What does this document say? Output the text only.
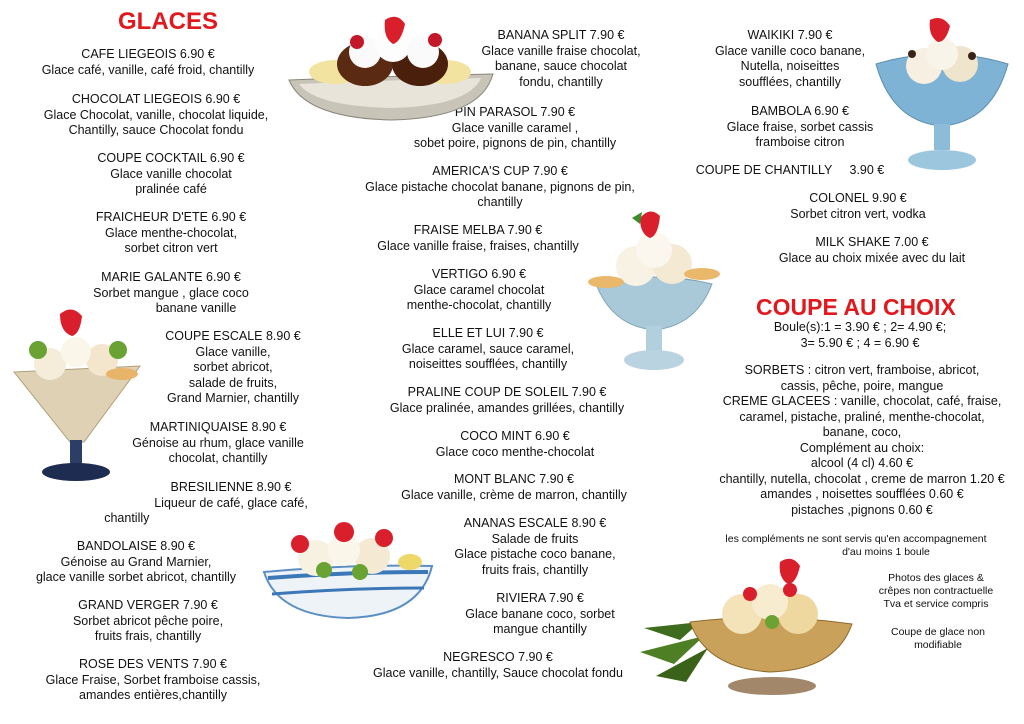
GLACES
COUPE AU CHOIX
CAFE LIEGEOIS 6.90 €
Glace café, vanille, café froid, chantilly
CHOCOLAT LIEGEOIS 6.90 €
Glace Chocolat, vanille, chocolat liquide,
Chantilly, sauce Chocolat fondu
COUPE COCKTAIL 6.90 €
Glace vanille chocolat
pralinée café
FRAICHEUR D'ETE 6.90 €
Glace menthe-chocolat,
sorbet citron vert
MARIE GALANTE 6.90 €
Sorbet mangue , glace coco
banane vanille
COUPE ESCALE 8.90 €
Glace vanille,
sorbet abricot,
salade de fruits,
Grand Marnier, chantilly
MARTINIQUAISE 8.90 €
Génoise au rhum, glace vanille
chocolat, chantilly
BRESILIENNE 8.90 €
Liqueur de café, glace café,
chantilly
BANDOLAISE 8.90 €
Génoise au Grand Marnier,
glace vanille sorbet abricot, chantilly
GRAND VERGER 7.90 €
Sorbet abricot pêche poire,
fruits frais, chantilly
ROSE DES VENTS 7.90 €
Glace Fraise, Sorbet framboise cassis,
amandes entières,chantilly
BANANA SPLIT 7.90 €
Glace vanille fraise chocolat,
banane, sauce chocolat
fondu, chantilly
PIN PARASOL 7.90 €
Glace vanille caramel ,
sobet poire, pignons de pin, chantilly
AMERICA'S CUP 7.90 €
Glace pistache chocolat banane, pignons de pin,
chantilly
FRAISE MELBA 7.90 €
Glace vanille fraise, fraises, chantilly
VERTIGO 6.90 €
Glace caramel chocolat
menthe-chocolat, chantilly
ELLE ET LUI 7.90 €
Glace caramel, sauce caramel,
noiseittes soufflées, chantilly
PRALINE COUP DE SOLEIL 7.90 €
Glace pralinée, amandes grillées, chantilly
COCO MINT 6.90 €
Glace coco menthe-chocolat
MONT BLANC 7.90 €
Glace vanille, crème de marron, chantilly
ANANAS ESCALE 8.90 €
Salade de fruits
Glace pistache coco banane,
fruits frais, chantilly
RIVIERA 7.90 €
Glace banane coco, sorbet
mangue chantilly
NEGRESCO 7.90 €
Glace vanille, chantilly, Sauce chocolat fondu
WAIKIKI 7.90 €
Glace vanille coco banane,
Nutella, noiseittes
soufflées, chantilly
BAMBOLA 6.90 €
Glace fraise, sorbet cassis
framboise citron
COUPE DE CHANTILLY     3.90 €
COLONEL 9.90 €
Sorbet citron vert, vodka
MILK SHAKE 7.00 €
Glace au choix mixée avec du lait
Boule(s):1 = 3.90 € ; 2= 4.90 €;
3= 5.90 € ; 4 = 6.90 €
SORBETS : citron vert, framboise, abricot,
cassis, pêche, poire, mangue
CREME GLACEES : vanille, chocolat, café, fraise,
caramel, pistache, praliné, menthe-chocolat,
banane, coco,
Complément au choix:
alcool (4 cl) 4.60 €
chantilly, nutella, chocolat , creme de marron 1.20 €
amandes , noisettes soufflées 0.60 €
pistaches ,pignons 0.60 €
les compléments ne sont servis qu'en accompagnement
d'au moins 1 boule
Photos des glaces &
crêpes non contractuelle
Tva et service compris
Coupe de glace non
modifiable
